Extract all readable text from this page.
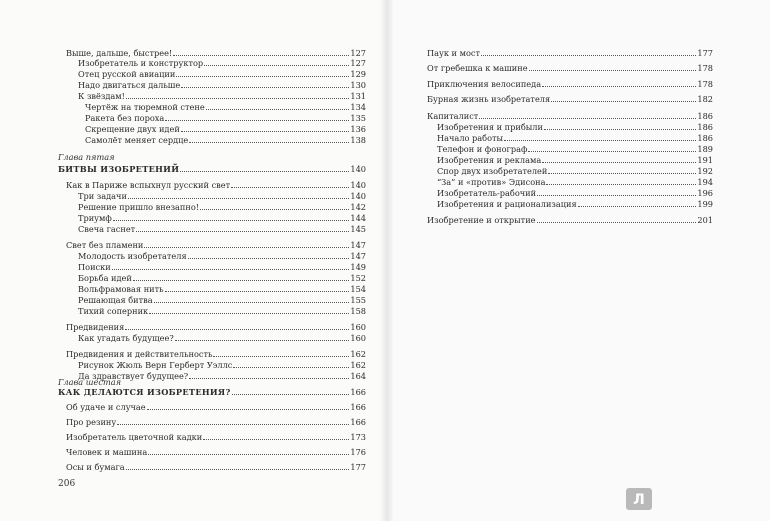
Выше, дальше, быстрее!	127
Изобретатель и конструктор	127
Отец русской авиации	129
Надо двигаться дальше	130
К звёздам!	131
Чертёж на тюремной стене	134
Ракета без пороха	135
Скрещение двух идей	136
Самолёт меняет сердце	138
Глава пятая
БИТВЫ ИЗОБРЕТЕНИЙ	140
Как в Париже вспыхнул русский свет	140
Три задачи	140
Решение пришло внезапно!	142
Триумф	144
Свеча гаснет	145
Свет без пламени	147
Молодость изобретателя	147
Поиски	149
Борьба идей	152
Вольфрамовая нить	154
Решающая битва	155
Тихий соперник	158
Предвидения	160
Как угадать будущее?	160
Предвидения и действительность	162
Рисунок Жюль Верн Герберт Уэллс	162
Да здравствует будущее?	164
Глава шестая
КАК ДЕЛАЮТСЯ ИЗОБРЕТЕНИЯ?	166
Об удаче и случае	166
Про резину	166
Изобретатель цветочной кадки	173
Человек и машина	176
Осы и бумага	177
206
Паук и мост	177
От гребешка к машине	178
Приключения велосипеда	178
Бурная жизнь изобретателя	182
Капиталист	186
Изобретения и прибыли	186
Начало работы	186
Телефон и фонограф	189
Изобретения и реклама	191
Спор двух изобретателей	192
“За” и «против» Эдисона	194
Изобретатель-рабочий	196
Изобретения и рационализация	199
Изобретение и открытие	201
Л
